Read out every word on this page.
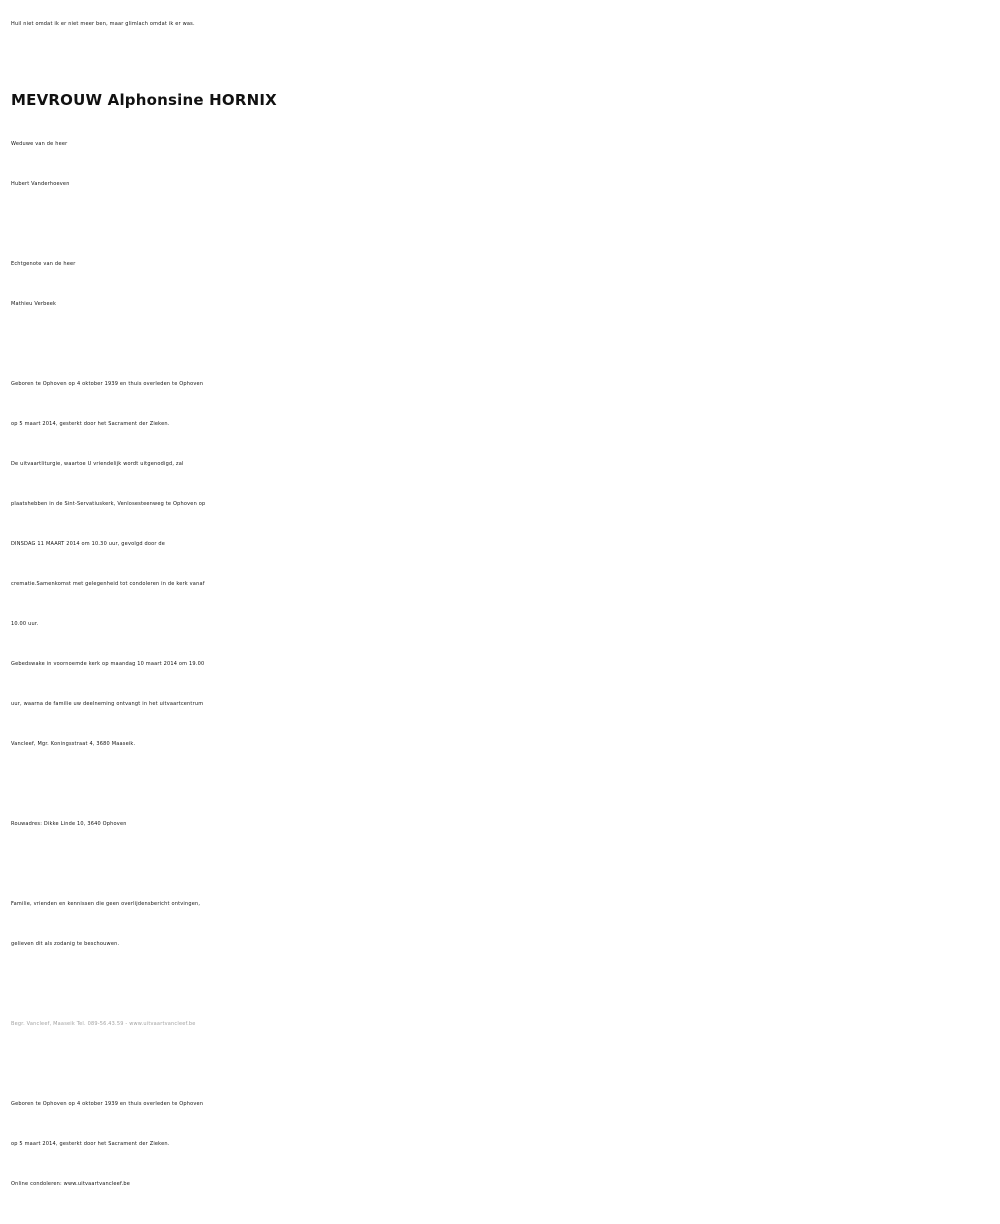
Huil niet omdat ik er niet meer ben, maar glimlach omdat ik er was.
MEVROUW Alphonsine HORNIX
Weduwe van de heer
Hubert Vanderhoeven
Echtgenote van de heer
Mathieu Verbeek
Geboren te Ophoven op 4 oktober 1939 en thuis overleden te Ophoven
op 5 maart 2014, gesterkt door het Sacrament der Zieken.
De uitvaartliturgie, waartoe U vriendelijk wordt uitgenodigd, zal
plaatshebben in de Sint-Servatiuskerk, Venlosesteenweg te Ophoven op
DINSDAG 11 MAART 2014 om 10.30 uur, gevolgd door de
crematie.Samenkomst met gelegenheid tot condoleren in de kerk vanaf
10.00 uur.
Gebedswake in voornoemde kerk op maandag 10 maart 2014 om 19.00
uur, waarna de familie uw deelneming ontvangt in het uitvaartcentrum
Vancleef, Mgr. Koningsstraat 4, 3680 Maaseik.
Rouwadres: Dikke Linde 10, 3640 Ophoven
Familie, vrienden en kennissen die geen overlijdensbericht ontvingen,
gelieven dit als zodanig te beschouwen.
Begr. Vancleef, Maaseik Tel. 089-56.43.59 - www.uitvaartvancleef.be
Geboren te Ophoven op 4 oktober 1939 en thuis overleden te Ophoven
op 5 maart 2014, gesterkt door het Sacrament der Zieken.
Online condoleren: www.uitvaartvancleef.be
